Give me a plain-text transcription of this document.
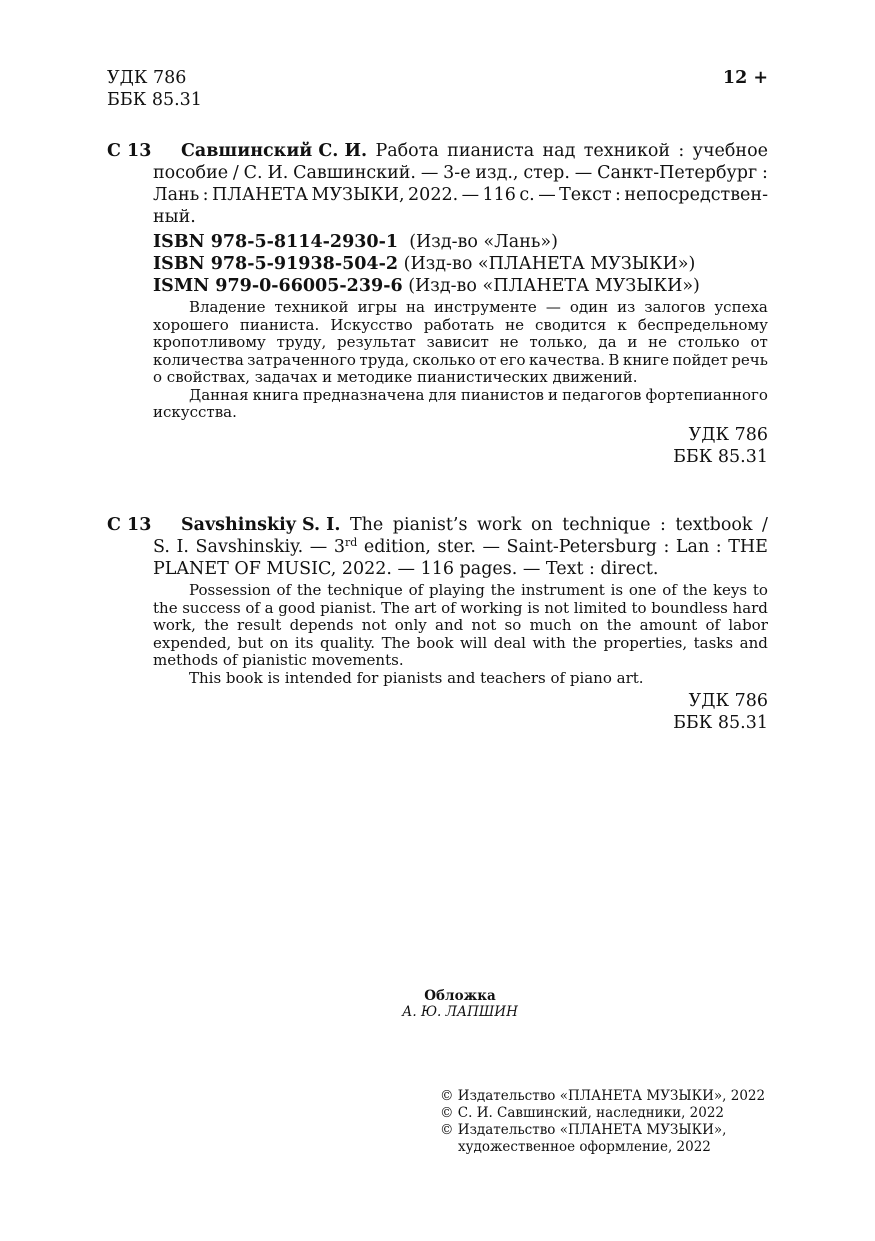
УДК 786
ББК 85.31
12 +
С 13 Савшинский С. И. Работа пианиста над техникой : учебное
пособие / С. И. Савшинский. — 3-е изд., стер. — Санкт-Петербург :
Лань : ПЛАНЕТА МУЗЫКИ, 2022. — 116 с. — Текст : непосредствен-
ный.
ISBN 978-5-8114-2930-1 (Изд-во «Лань»)
ISBN 978-5-91938-504-2 (Изд-во «ПЛАНЕТА МУЗЫКИ»)
ISMN 979-0-66005-239-6 (Изд-во «ПЛАНЕТА МУЗЫКИ»)
Владение техникой игры на инструменте — один из залогов успеха
хорошего пианиста. Искусство работать не сводится к беспредельному
кропотливому труду, результат зависит не только, да и не столько от
количества затраченного труда, сколько от его качества. В книге пойдет речь
о свойствах, задачах и методике пианистических движений.
Данная книга предназначена для пианистов и педагогов фортепианного
искусства.
УДК 786
ББК 85.31
С 13 Savshinskiy S. I. The pianist’s work on technique : textbook /
S. I. Savshinskiy. — 3rd edition, ster. — Saint-Petersburg : Lan : THE
PLANET OF MUSIC, 2022. — 116 pages. — Text : direct.
Possession of the technique of playing the instrument is one of the keys to
the success of a good pianist. The art of working is not limited to boundless hard
work, the result depends not only and not so much on the amount of labor
expended, but on its quality. The book will deal with the properties, tasks and
methods of pianistic movements.
This book is intended for pianists and teachers of piano art.
УДК 786
ББК 85.31
Обложка
А. Ю. ЛАПШИН
© Издательство «ПЛАНЕТА МУЗЫКИ», 2022
© С. И. Савшинский, наследники, 2022
© Издательство «ПЛАНЕТА МУЗЫКИ»,
художественное оформление, 2022
